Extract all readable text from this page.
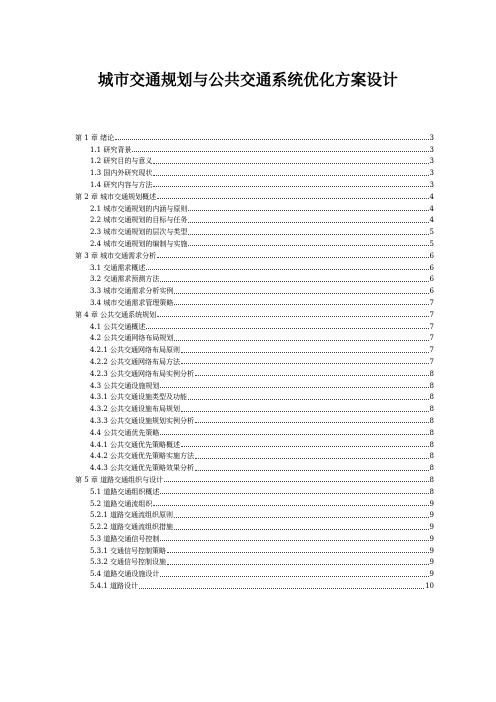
城市交通规划与公共交通系统优化方案设计
第 1 章 绪论	3
1.1 研究背景	3
1.2 研究目的与意义	3
1.3 国内外研究现状	3
1.4 研究内容与方法	3
第 2 章 城市交通规划概述	4
2.1 城市交通规划的内涵与原则	4
2.2 城市交通规划的目标与任务	4
2.3 城市交通规划的层次与类型	5
2.4 城市交通规划的编制与实施	5
第 3 章 城市交通需求分析	6
3.1 交通需求概述	6
3.2 交通需求预测方法	6
3.3 城市交通需求分析实例	6
3.4 城市交通需求管理策略	7
第 4 章 公共交通系统规划	7
4.1 公共交通概述	7
4.2 公共交通网络布局规划	7
4.2.1 公共交通网络布局原则	7
4.2.2 公共交通网络布局方法	7
4.2.3 公共交通网络布局实例分析	8
4.3 公共交通设施规划	8
4.3.1 公共交通设施类型及功能	8
4.3.2 公共交通设施布局规划	8
4.3.3 公共交通设施规划实例分析	8
4.4 公共交通优先策略	8
4.4.1 公共交通优先策略概述	8
4.4.2 公共交通优先策略实施方法	8
4.4.3 公共交通优先策略效果分析	8
第 5 章 道路交通组织与设计	8
5.1 道路交通组织概述	8
5.2 道路交通流组织	9
5.2.1 道路交通流组织原则	9
5.2.2 道路交通流组织措施	9
5.3 道路交通信号控制	9
5.3.1 交通信号控制策略	9
5.3.2 交通信号控制设施	9
5.4 道路交通设施设计	9
5.4.1 道路设计	10
